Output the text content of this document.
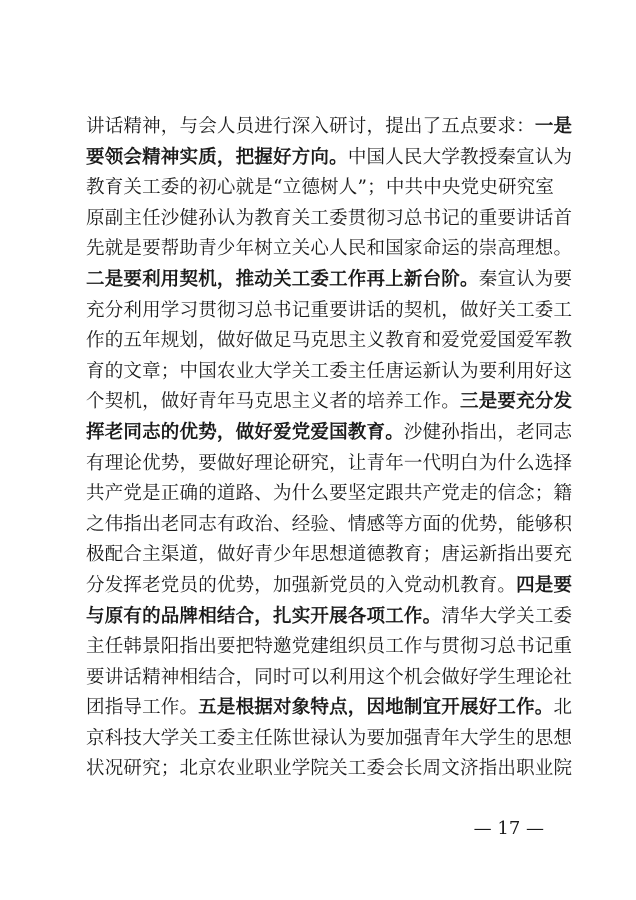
讲话精神，与会人员进行深入研讨，提出了五点要求：一是
要领会精神实质，把握好方向。中国人民大学教授秦宣认为
教育关工委的初心就是“立德树人”；中共中央党史研究室
原副主任沙健孙认为教育关工委贯彻习总书记的重要讲话首
先就是要帮助青少年树立关心人民和国家命运的崇高理想。
二是要利用契机，推动关工委工作再上新台阶。秦宣认为要
充分利用学习贯彻习总书记重要讲话的契机，做好关工委工
作的五年规划，做好做足马克思主义教育和爱党爱国爱军教
育的文章；中国农业大学关工委主任唐运新认为要利用好这
个契机，做好青年马克思主义者的培养工作。三是要充分发
挥老同志的优势，做好爱党爱国教育。沙健孙指出，老同志
有理论优势，要做好理论研究，让青年一代明白为什么选择
共产党是正确的道路、为什么要坚定跟共产党走的信念；籍
之伟指出老同志有政治、经验、情感等方面的优势，能够积
极配合主渠道，做好青少年思想道德教育；唐运新指出要充
分发挥老党员的优势，加强新党员的入党动机教育。四是要
与原有的品牌相结合，扎实开展各项工作。清华大学关工委
主任韩景阳指出要把特邀党建组织员工作与贯彻习总书记重
要讲话精神相结合，同时可以利用这个机会做好学生理论社
团指导工作。五是根据对象特点，因地制宜开展好工作。北
京科技大学关工委主任陈世禄认为要加强青年大学生的思想
状况研究；北京农业职业学院关工委会长周文济指出职业院
— 17 —
